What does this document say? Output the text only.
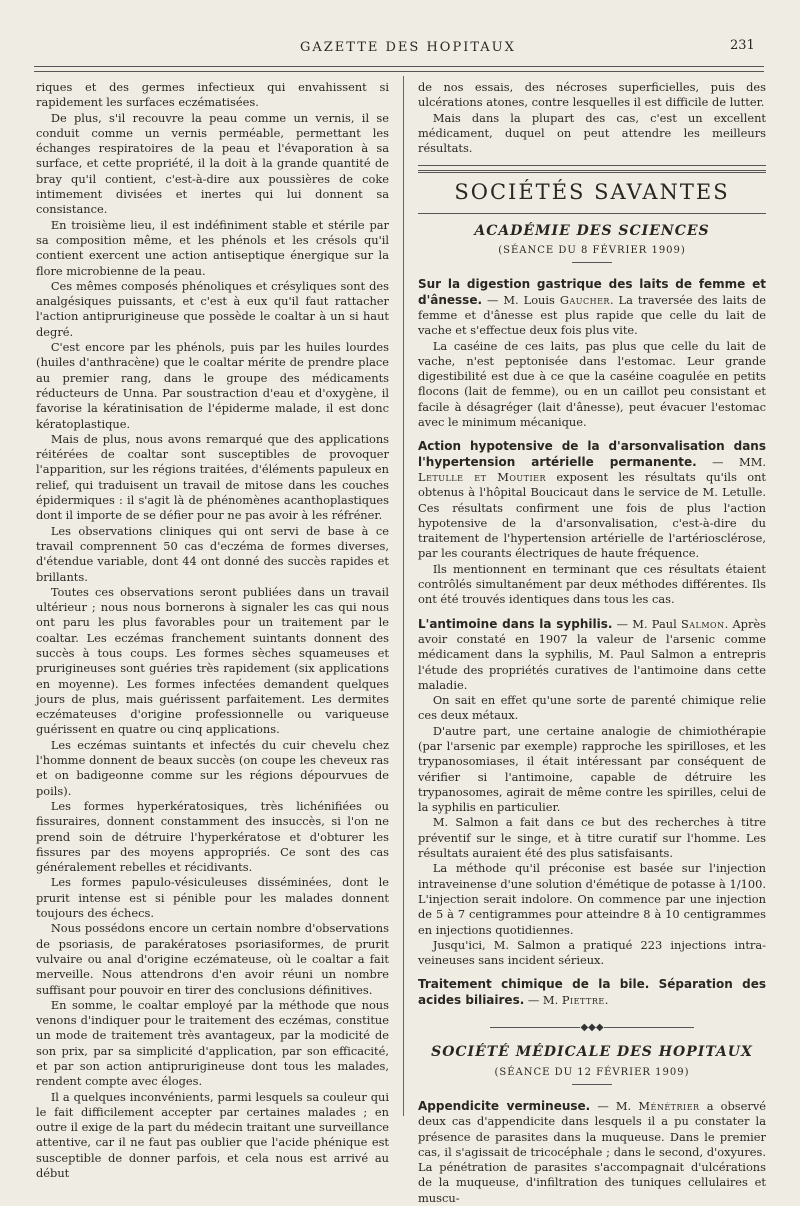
GAZETTE DES HOPITAUX	231

riques et des germes infectieux qui envahissent si rapidement les surfaces eczématisées.

De plus, s'il recouvre la peau comme un vernis, il se conduit comme un vernis perméable, permettant les échanges respiratoires de la peau et l'évaporation à sa surface, et cette propriété, il la doit à la grande quantité de bray qu'il contient, c'est-à-dire aux poussières de coke intimement divisées et inertes qui lui donnent sa consistance.

En troisième lieu, il est indéfiniment stable et stérile par sa composition même, et les phénols et les crésols qu'il contient exercent une action antiseptique énergique sur la flore microbienne de la peau.

Ces mêmes composés phénoliques et crésyliques sont des analgésiques puissants, et c'est à eux qu'il faut rattacher l'action antiprurigineuse que possède le coaltar à un si haut degré.

C'est encore par les phénols, puis par les huiles lourdes (huiles d'anthracène) que le coaltar mérite de prendre place au premier rang, dans le groupe des médicaments réducteurs de Unna. Par soustraction d'eau et d'oxygène, il favorise la kératinisation de l'épiderme malade, il est donc kératoplastique.

Mais de plus, nous avons remarqué que des applications réitérées de coaltar sont susceptibles de provoquer l'apparition, sur les régions traitées, d'éléments papuleux en relief, qui traduisent un travail de mitose dans les couches épidermiques : il s'agit là de phénomènes acanthoplastiques dont il importe de se défier pour ne pas avoir à les réfréner.

Les observations cliniques qui ont servi de base à ce travail comprennent 50 cas d'eczéma de formes diverses, d'étendue variable, dont 44 ont donné des succès rapides et brillants.

Toutes ces observations seront publiées dans un travail ultérieur ; nous nous bornerons à signaler les cas qui nous ont paru les plus favorables pour un traitement par le coaltar. Les eczémas franchement suintants donnent des succès à tous coups. Les formes sèches squameuses et prurigineuses sont guéries très rapidement (six applications en moyenne). Les formes infectées demandent quelques jours de plus, mais guérissent parfaitement. Les dermites eczémateuses d'origine professionnelle ou variqueuse guérissent en quatre ou cinq applications.

Les eczémas suintants et infectés du cuir chevelu chez l'homme donnent de beaux succès (on coupe les cheveux ras et on badigeonne comme sur les régions dépourvues de poils).

Les formes hyperkératosiques, très lichénifiées ou fissuraires, donnent constamment des insuccès, si l'on ne prend soin de détruire l'hyperkératose et d'obturer les fissures par des moyens appropriés. Ce sont des cas généralement rebelles et récidivants.

Les formes papulo-vésiculeuses disséminées, dont le prurit intense est si pénible pour les malades donnent toujours des échecs.

Nous possédons encore un certain nombre d'observations de psoriasis, de parakératoses psoriasiformes, de prurit vulvaire ou anal d'origine eczémateuse, où le coaltar a fait merveille. Nous attendrons d'en avoir réuni un nombre suffisant pour pouvoir en tirer des conclusions définitives.

En somme, le coaltar employé par la méthode que nous venons d'indiquer pour le traitement des eczémas, constitue un mode de traitement très avantageux, par la modicité de son prix, par sa simplicité d'application, par son efficacité, et par son action antiprurigineuse dont tous les malades, rendent compte avec éloges.

Il a quelques inconvénients, parmi lesquels sa couleur qui le fait difficilement accepter par certaines malades ; en outre il exige de la part du médecin traitant une surveillance attentive, car il ne faut pas oublier que l'acide phénique est susceptible de donner parfois, et cela nous est arrivé au début

de nos essais, des nécroses superficielles, puis des ulcérations atones, contre lesquelles il est difficile de lutter.

Mais dans la plupart des cas, c'est un excellent médicament, duquel on peut attendre les meilleurs résultats.

SOCIÉTÉS SAVANTES
ACADÉMIE DES SCIENCES
(SÉANCE DU 8 FÉVRIER 1909)

Sur la digestion gastrique des laits de femme et d'ânesse. — M. Louis Gaucher. La traversée des laits de femme et d'ânesse est plus rapide que celle du lait de vache et s'effectue deux fois plus vite.

La caséine de ces laits, pas plus que celle du lait de vache, n'est peptonisée dans l'estomac. Leur grande digestibilité est due à ce que la caséine coagulée en petits flocons (lait de femme), ou en un caillot peu consistant et facile à désagréger (lait d'ânesse), peut évacuer l'estomac avec le minimum mécanique.

Action hypotensive de la d'arsonvalisation dans l'hypertension artérielle permanente. — MM. Letulle et Moutier exposent les résultats qu'ils ont obtenus à l'hôpital Boucicaut dans le service de M. Letulle. Ces résultats confirment une fois de plus l'action hypotensive de la d'arsonvalisation, c'est-à-dire du traitement de l'hypertension artérielle de l'artériosclérose, par les courants électriques de haute fréquence.

Ils mentionnent en terminant que ces résultats étaient contrôlés simultanément par deux méthodes différentes. Ils ont été trouvés identiques dans tous les cas.

L'antimoine dans la syphilis. — M. Paul Salmon. Après avoir constaté en 1907 la valeur de l'arsenic comme médicament dans la syphilis, M. Paul Salmon a entrepris l'étude des propriétés curatives de l'antimoine dans cette maladie.

On sait en effet qu'une sorte de parenté chimique relie ces deux métaux.

D'autre part, une certaine analogie de chimiothérapie (par l'arsenic par exemple) rapproche les spirilloses, et les trypanosomiases, il était intéressant par conséquent de vérifier si l'antimoine, capable de détruire les trypanosomes, agirait de même contre les spirilles, celui de la syphilis en particulier.

M. Salmon a fait dans ce but des recherches à titre préventif sur le singe, et à titre curatif sur l'homme. Les résultats auraient été des plus satisfaisants.

La méthode qu'il préconise est basée sur l'injection intraveinense d'une solution d'émétique de potasse à 1/100. L'injection serait indolore. On commence par une injection de 5 à 7 centigrammes pour atteindre 8 à 10 centigrammes en injections quotidiennes.

Jusqu'ici, M. Salmon a pratiqué 223 injections intra-veineuses sans incident sérieux.

Traitement chimique de la bile. Séparation des acides biliaires. — M. Piettre.

◆◆◆
SOCIÉTÉ MÉDICALE DES HOPITAUX
(SÉANCE DU 12 FÉVRIER 1909)

Appendicite vermineuse. — M. Ménétrier a observé deux cas d'appendicite dans lesquels il a pu constater la présence de parasites dans la muqueuse. Dans le premier cas, il s'agissait de tricocéphale ; dans le second, d'oxyures. La pénétration de parasites s'accompagnait d'ulcérations de la muqueuse, d'infiltration des tuniques cellulaires et muscu-
